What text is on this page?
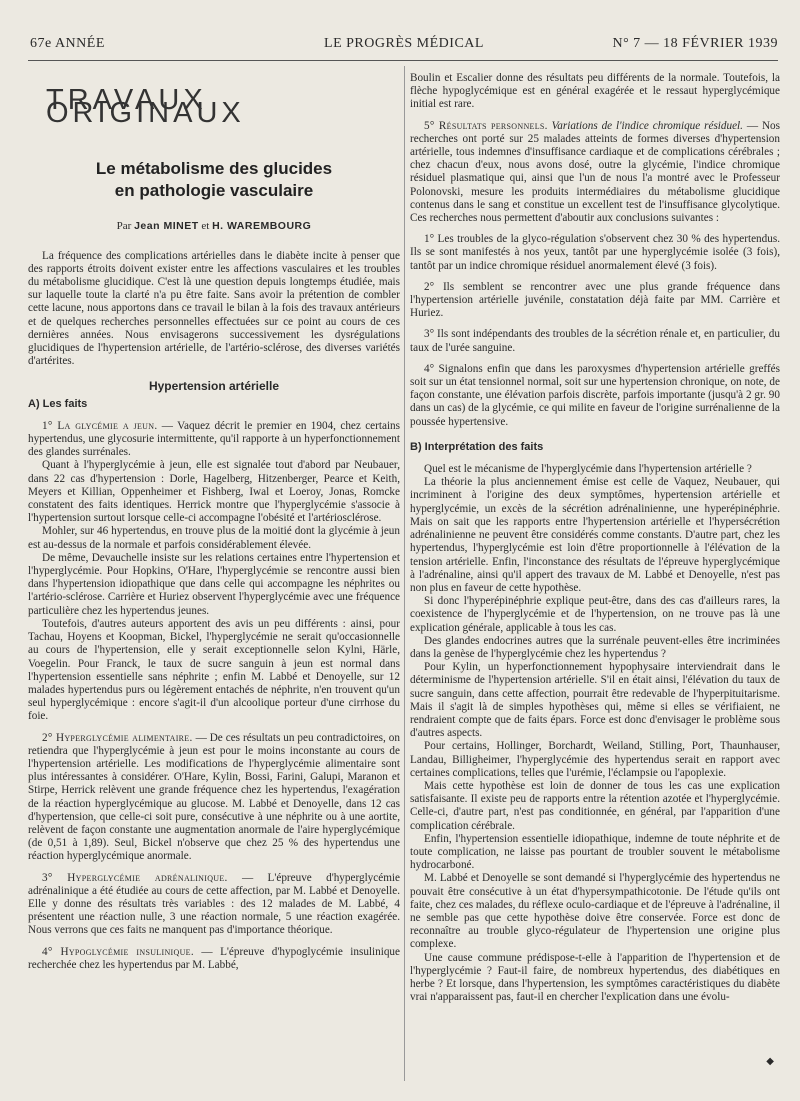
67e ANNÉE	LE PROGRÈS MÉDICAL	N° 7 — 18 FÉVRIER 1939
TRAVAUX ORIGINAUX
Le métabolisme des glucides
en pathologie vasculaire
Par Jean MINET et H. WAREMBOURG

La fréquence des complications artérielles dans le diabète incite à penser que des rapports étroits doivent exister entre les affections vasculaires et les troubles du métabolisme glucidique. C'est là une question depuis longtemps étudiée, mais sur laquelle toute la clarté n'a pu être faite. Sans avoir la prétention de combler cette lacune, nous apportons dans ce travail le bilan à la fois des travaux antérieurs et de quelques recherches personnelles effectuées sur ce point au cours de ces dernières années. Nous envisagerons successivement les dysrégulations glucidiques de l'hypertension artérielle, de l'artério-sclérose, des diverses variétés d'artérites.

Hypertension artérielle
A) Les faits

1° La glycémie a jeun. — Vaquez décrit le premier en 1904, chez certains hypertendus, une glycosurie intermittente, qu'il rapporte à un hyperfonctionnement des glandes surrénales.

Quant à l'hyperglycémie à jeun, elle est signalée tout d'abord par Neubauer, dans 22 cas d'hypertension : Dorle, Hagelberg, Hitzenberger, Pearce et Keith, Meyers et Killian, Oppenheimer et Fishberg, Iwal et Loeroy, Jonas, Romcke constatent des faits identiques. Herrick montre que l'hyperglycémie s'associe à l'hypertension surtout lorsque celle-ci accompagne l'obésité et l'artériosclérose.

Mohler, sur 46 hypertendus, en trouve plus de la moitié dont la glycémie à jeun est au-dessus de la normale et parfois considérablement élevée.

De même, Devauchelle insiste sur les relations certaines entre l'hypertension et l'hyperglycémie. Pour Hopkins, O'Hare, l'hyperglycémie se rencontre aussi bien dans l'hypertension idiopathique que dans celle qui accompagne les néphrites ou l'artério-sclérose. Carrière et Huriez observent l'hyperglycémie avec une fréquence particulière chez les hypertendus jeunes.

Toutefois, d'autres auteurs apportent des avis un peu différents : ainsi, pour Tachau, Hoyens et Koopman, Bickel, l'hyperglycémie ne serait qu'occasionnelle au cours de l'hypertension, elle y serait exceptionnelle selon Kylni, Härle, Voegelin. Pour Franck, le taux de sucre sanguin à jeun est normal dans l'hypertension essentielle sans néphrite ; enfin M. Labbé et Denoyelle, sur 12 malades hypertendus purs ou légèrement entachés de néphrite, n'en trouvent qu'un seul hyperglycémique : encore s'agit-il d'un alcoolique porteur d'une cirrhose du foie.

2° Hyperglycémie alimentaire. — De ces résultats un peu contradictoires, on retiendra que l'hyperglycémie à jeun est pour le moins inconstante au cours de l'hypertension artérielle. Les modifications de l'hyperglycémie alimentaire sont plus intéressantes à considérer. O'Hare, Kylin, Bossi, Farini, Galupi, Maranon et Stirpe, Herrick relèvent une grande fréquence chez les hypertendus, l'exagération de la réaction hyperglycémique au glucose. M. Labbé et Denoyelle, dans 12 cas d'hypertension, que celle-ci soit pure, consécutive à une néphrite ou à une aortite, relèvent de façon constante une augmentation anormale de l'aire hyperglycémique (de 0,51 à 1,89). Seul, Bickel n'observe que chez 25 % des hypertendus une réaction hyperglycémique anormale.

3° Hyperglycémie adrénalinique. — L'épreuve d'hyperglycémie adrénalinique a été étudiée au cours de cette affection, par M. Labbé et Denoyelle. Elle y donne des résultats très variables : des 12 malades de M. Labbé, 4 présentent une réaction nulle, 3 une réaction normale, 5 une réaction exagérée. Nous verrons que ces faits ne manquent pas d'importance théorique.

4° Hypoglycémie insulinique. — L'épreuve d'hypoglycémie insulinique recherchée chez les hypertendus par M. Labbé,

Boulin et Escalier donne des résultats peu différents de la normale. Toutefois, la flèche hypoglycémique est en général exagérée et le ressaut hyperglycémique initial est rare.

5° Résultats personnels. Variations de l'indice chromique résiduel. — Nos recherches ont porté sur 25 malades atteints de formes diverses d'hypertension artérielle, tous indemnes d'insuffisance cardiaque et de complications cérébrales ; chez chacun d'eux, nous avons dosé, outre la glycémie, l'indice chromique résiduel plasmatique qui, ainsi que l'un de nous l'a montré avec le Professeur Polonovski, mesure les produits intermédiaires du métabolisme glucidique contenus dans le sang et constitue un excellent test de l'insuffisance glycolytique. Ces recherches nous permettent d'aboutir aux conclusions suivantes :

1° Les troubles de la glyco-régulation s'observent chez 30 % des hypertendus. Ils se sont manifestés à nos yeux, tantôt par une hyperglycémie isolée (3 fois), tantôt par un indice chromique résiduel anormalement élevé (3 fois).

2° Ils semblent se rencontrer avec une plus grande fréquence dans l'hypertension artérielle juvénile, constatation déjà faite par MM. Carrière et Huriez.

3° Ils sont indépendants des troubles de la sécrétion rénale et, en particulier, du taux de l'urée sanguine.

4° Signalons enfin que dans les paroxysmes d'hypertension artérielle greffés soit sur un état tensionnel normal, soit sur une hypertension chronique, on note, de façon constante, une élévation parfois discrète, parfois importante (jusqu'à 2 gr. 90 dans un cas) de la glycémie, ce qui milite en faveur de l'origine surrénalienne de la poussée hypertensive.

B) Interprétation des faits

Quel est le mécanisme de l'hyperglycémie dans l'hypertension artérielle ?

La théorie la plus anciennement émise est celle de Vaquez, Neubauer, qui incriminent à l'origine des deux symptômes, hypertension artérielle et hyperglycémie, un excès de la sécrétion adrénalinienne, une hyperépinéphrie. Mais on sait que les rapports entre l'hypertension artérielle et l'hypersécrétion adrénalinienne ne peuvent être considérés comme constants. D'autre part, chez les hypertendus, l'hyperglycémie est loin d'être proportionnelle à l'élévation de la tension artérielle. Enfin, l'inconstance des résultats de l'épreuve hyperglycémique à l'adrénaline, ainsi qu'il appert des travaux de M. Labbé et Denoyelle, n'est pas non plus en faveur de cette hypothèse.

Si donc l'hyperépinéphrie explique peut-être, dans des cas d'ailleurs rares, la coexistence de l'hyperglycémie et de l'hypertension, on ne trouve pas là une explication générale, applicable à tous les cas.

Des glandes endocrines autres que la surrénale peuvent-elles être incriminées dans la genèse de l'hyperglycémie chez les hypertendus ?

Pour Kylin, un hyperfonctionnement hypophysaire interviendrait dans le déterminisme de l'hypertension artérielle. S'il en était ainsi, l'élévation du taux de sucre sanguin, dans cette affection, pourrait être redevable de l'hyperpituitarisme. Mais il s'agit là de simples hypothèses qui, même si elles se vérifiaient, ne rendraient compte que de faits épars. Force est donc d'envisager le problème sous d'autres aspects.

Pour certains, Hollinger, Borchardt, Weiland, Stilling, Port, Thaunhauser, Landau, Billigheimer, l'hyperglycémie des hypertendus serait en rapport avec certaines complications, telles que l'urémie, l'éclampsie ou l'apoplexie.

Mais cette hypothèse est loin de donner de tous les cas une explication satisfaisante. Il existe peu de rapports entre la rétention azotée et l'hyperglycémie. Celle-ci, d'autre part, n'est pas conditionnée, en général, par l'apparition d'une complication cérébrale.

Enfin, l'hypertension essentielle idiopathique, indemne de toute néphrite et de toute complication, ne laisse pas pourtant de troubler souvent le métabolisme hydrocarboné.

M. Labbé et Denoyelle se sont demandé si l'hyperglycémie des hypertendus ne pouvait être consécutive à un état d'hypersympathicotonie. De l'étude qu'ils ont faite, chez ces malades, du réflexe oculo-cardiaque et de l'épreuve à l'adrénaline, il ne semble pas que cette hypothèse doive être conservée. Force est donc de reconnaître au trouble glyco-régulateur de l'hypertension une origine plus complexe.

Une cause commune prédispose-t-elle à l'apparition de l'hypertension et de l'hyperglycémie ? Faut-il faire, de nombreux hypertendus, des diabétiques en herbe ? Et lorsque, dans l'hypertension, les symptômes caractéristiques du diabète vrai n'apparaissent pas, faut-il en chercher l'explication dans une évolu-

◆
